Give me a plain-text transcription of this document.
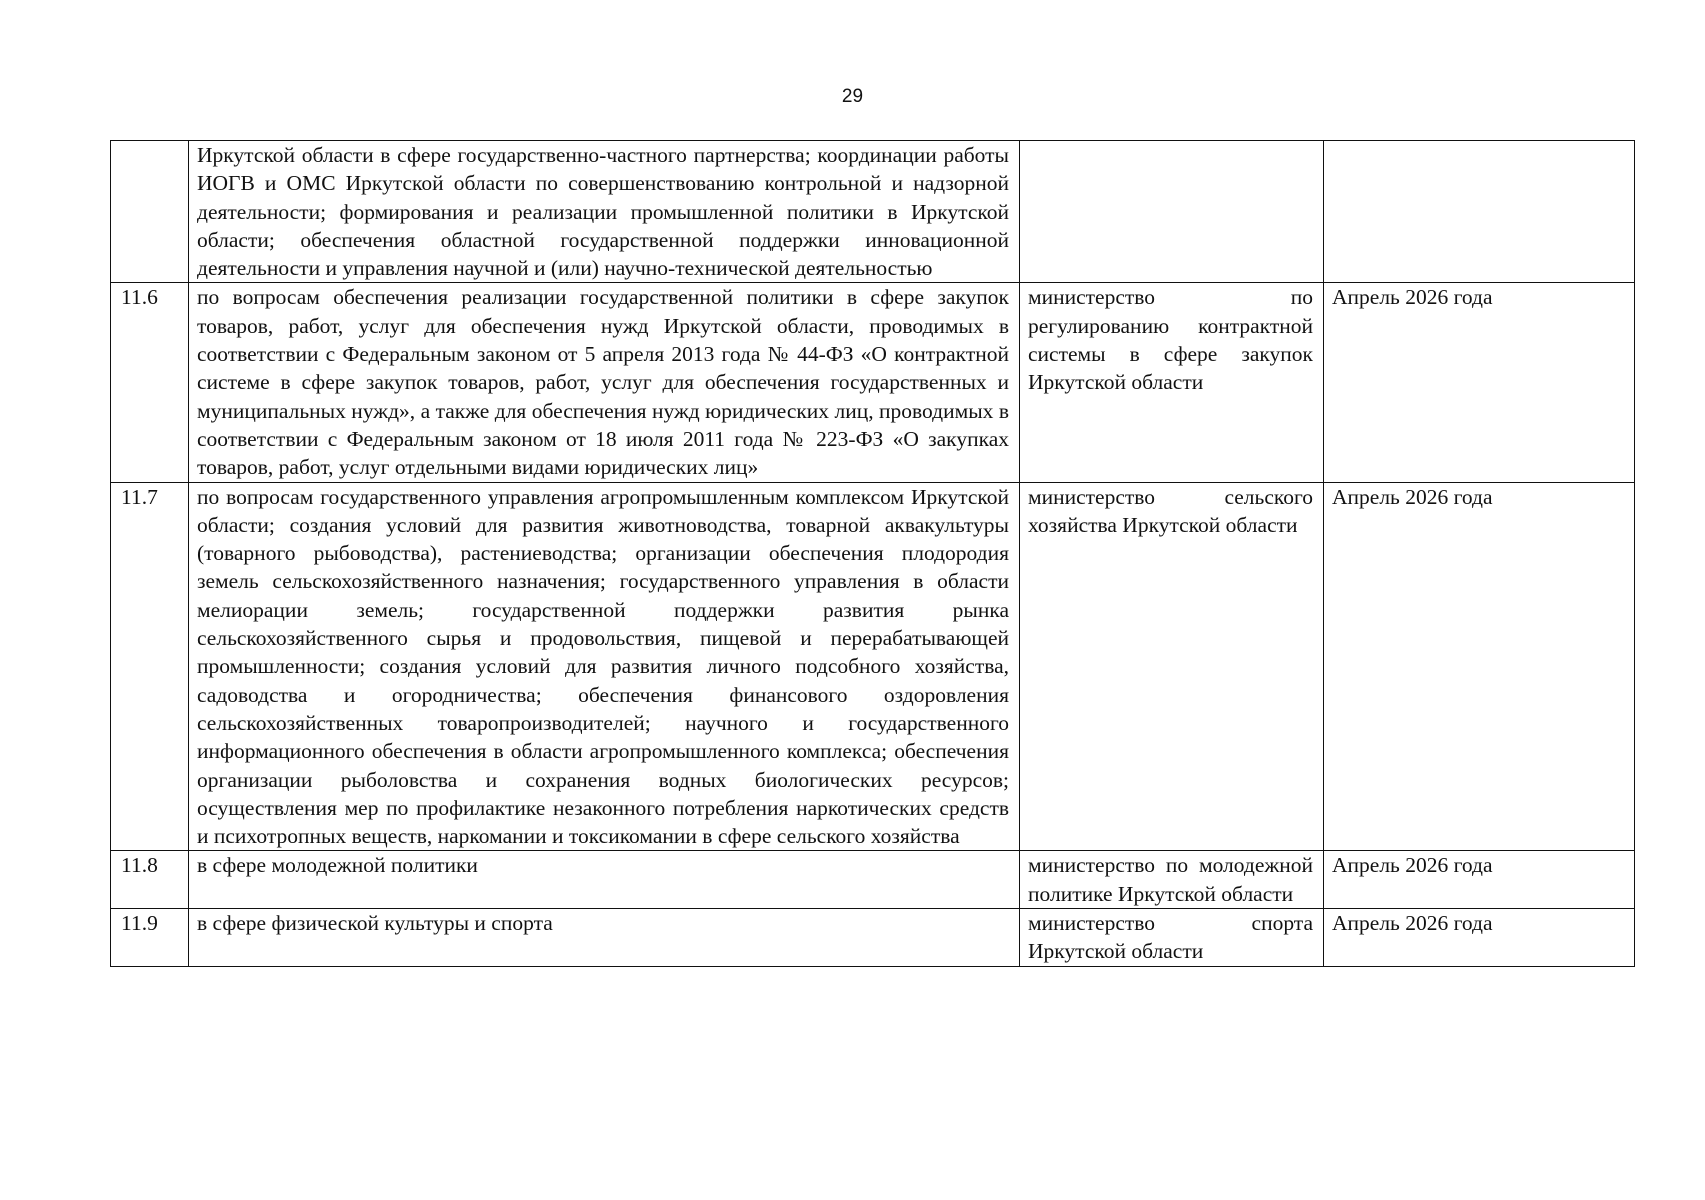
29
	Иркутской области в сфере государственно-частного партнерства; координации работы ИОГВ и ОМС Иркутской области по совершенствованию контрольной и надзорной деятельности; формирования и реализации промышленной политики в Иркутской области; обеспечения областной государственной поддержки инновационной деятельности и управления научной и (или) научно-технической деятельностью		
11.6	по вопросам обеспечения реализации государственной политики в сфере закупок товаров, работ, услуг для обеспечения нужд Иркутской области, проводимых в соответствии с Федеральным законом от 5 апреля 2013 года № 44-ФЗ «О контрактной системе в сфере закупок товаров, работ, услуг для обеспечения государственных и муниципальных нужд», а также для обеспечения нужд юридических лиц, проводимых в соответствии с Федеральным законом от 18 июля 2011 года № 223-ФЗ «О закупках товаров, работ, услуг отдельными видами юридических лиц»	министерство по регулированию контрактной системы в сфере закупок Иркутской области	Апрель 2026 года
11.7	по вопросам государственного управления агропромышленным комплексом Иркутской области; создания условий для развития животноводства, товарной аквакультуры (товарного рыбоводства), растениеводства; организации обеспечения плодородия земель сельскохозяйственного назначения; государственного управления в области мелиорации земель; государственной поддержки развития рынка сельскохозяйственного сырья и продовольствия, пищевой и перерабатывающей промышленности; создания условий для развития личного подсобного хозяйства, садоводства и огородничества; обеспечения финансового оздоровления сельскохозяйственных товаропроизводителей; научного и государственного информационного обеспечения в области агропромышленного комплекса; обеспечения организации рыболовства и сохранения водных биологических ресурсов; осуществления мер по профилактике незаконного потребления наркотических средств и психотропных веществ, наркомании и токсикомании в сфере сельского хозяйства	министерство сельского хозяйства Иркутской области	Апрель 2026 года
11.8	в сфере молодежной политики	министерство по молодежной политике Иркутской области	Апрель 2026 года
11.9	в сфере физической культуры и спорта	министерство спорта Иркутской области	Апрель 2026 года
